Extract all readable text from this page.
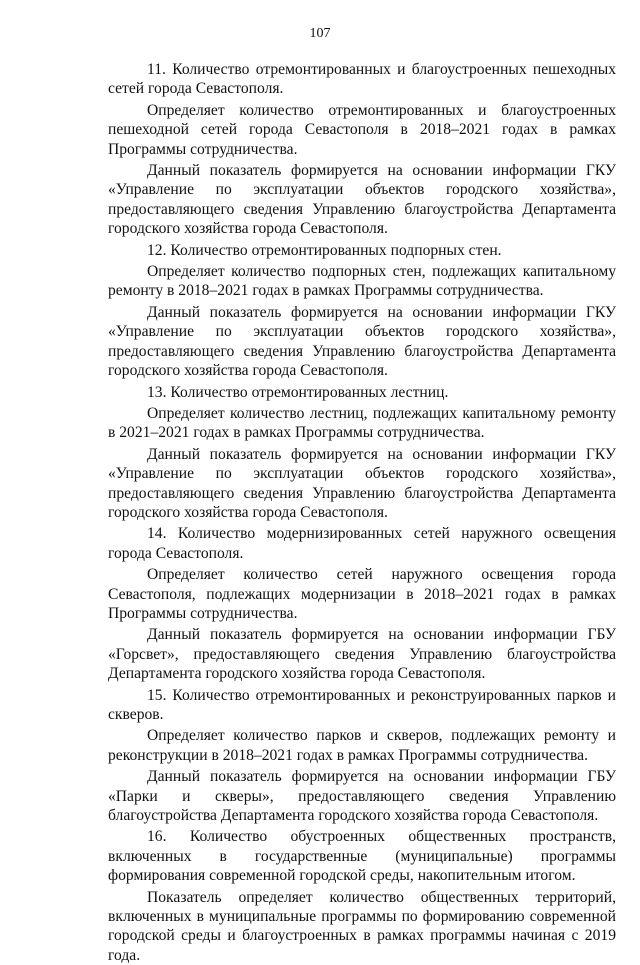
107

11. Количество отремонтированных и благоустроенных пешеходных сетей города Севастополя.

Определяет количество отремонтированных и благоустроенных пешеходной сетей города Севастополя в 2018–2021 годах в рамках Программы сотрудничества.

Данный показатель формируется на основании информации ГКУ «Управление по эксплуатации объектов городского хозяйства», предоставляющего сведения Управлению благоустройства Департамента городского хозяйства города Севастополя.

12. Количество отремонтированных подпорных стен.

Определяет количество подпорных стен, подлежащих капитальному ремонту в 2018–2021 годах в рамках Программы сотрудничества.

Данный показатель формируется на основании информации ГКУ «Управление по эксплуатации объектов городского хозяйства», предоставляющего сведения Управлению благоустройства Департамента городского хозяйства города Севастополя.

13. Количество отремонтированных лестниц.

Определяет количество лестниц, подлежащих капитальному ремонту в 2021–2021 годах в рамках Программы сотрудничества.

Данный показатель формируется на основании информации ГКУ «Управление по эксплуатации объектов городского хозяйства», предоставляющего сведения Управлению благоустройства Департамента городского хозяйства города Севастополя.

14. Количество модернизированных сетей наружного освещения города Севастополя.

Определяет количество сетей наружного освещения города Севастополя, подлежащих модернизации в 2018–2021 годах в рамках Программы сотрудничества.

Данный показатель формируется на основании информации ГБУ «Горсвет», предоставляющего сведения Управлению благоустройства Департамента городского хозяйства города Севастополя.

15. Количество отремонтированных и реконструированных парков и скверов.

Определяет количество парков и скверов, подлежащих ремонту и реконструкции в 2018–2021 годах в рамках Программы сотрудничества.

Данный показатель формируется на основании информации ГБУ «Парки и скверы», предоставляющего сведения Управлению благоустройства Департамента городского хозяйства города Севастополя.

16. Количество обустроенных общественных пространств, включенных в государственные (муниципальные) программы формирования современной городской среды, накопительным итогом.

Показатель определяет количество общественных территорий, включенных в муниципальные программы по формированию современной городской среды и благоустроенных в рамках программы начиная с 2019 года.
